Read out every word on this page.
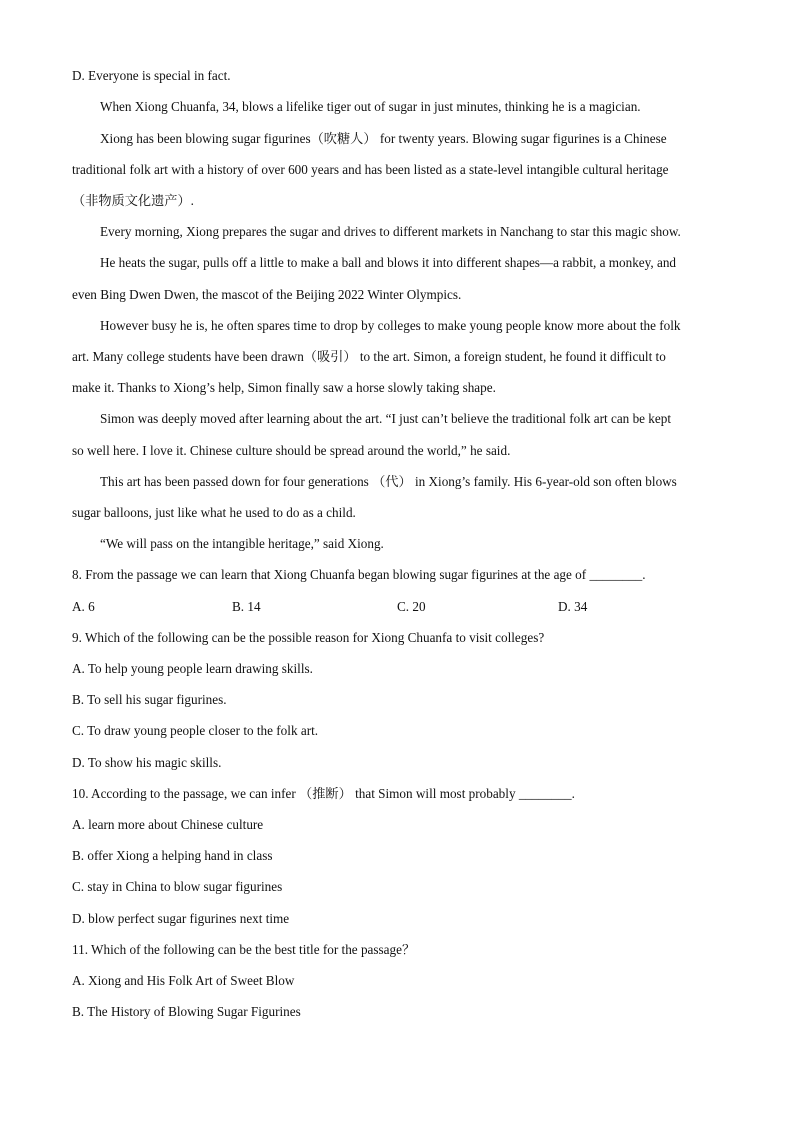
D. Everyone is special in fact.
When Xiong Chuanfa, 34, blows a lifelike tiger out of sugar in just minutes, thinking he is a magician.
Xiong has been blowing sugar figurines（吹糖人） for twenty years. Blowing sugar figurines is a Chinese
traditional folk art with a history of over 600 years and has been listed as a state-level intangible cultural heritage
（非物质文化遗产）.
Every morning, Xiong prepares the sugar and drives to different markets in Nanchang to star this magic show.
He heats the sugar, pulls off a little to make a ball and blows it into different shapes—a rabbit, a monkey, and
even Bing Dwen Dwen, the mascot of the Beijing 2022 Winter Olympics.
However busy he is, he often spares time to drop by colleges to make young people know more about the folk
art. Many college students have been drawn（吸引） to the art. Simon, a foreign student, he found it difficult to
make it. Thanks to Xiong’s help, Simon finally saw a horse slowly taking shape.
Simon was deeply moved after learning about the art. “I just can’t believe the traditional folk art can be kept
so well here. I love it. Chinese culture should be spread around the world,” he said.
This art has been passed down for four generations （代） in Xiong’s family. His 6-year-old son often blows
sugar balloons, just like what he used to do as a child.
“We will pass on the intangible heritage,” said Xiong.
8. From the passage we can learn that Xiong Chuanfa began blowing sugar figurines at the age of ________.
A. 6	B. 14	C. 20	D. 34
9. Which of the following can be the possible reason for Xiong Chuanfa to visit colleges?
A. To help young people learn drawing skills.
B. To sell his sugar figurines.
C. To draw young people closer to the folk art.
D. To show his magic skills.
10. According to the passage, we can infer （推断） that Simon will most probably ________.
A. learn more about Chinese culture
B. offer Xiong a helping hand in class
C. stay in China to blow sugar figurines
D. blow perfect sugar figurines next time
11. Which of the following can be the best title for the passage？
A. Xiong and His Folk Art of Sweet Blow
B. The History of Blowing Sugar Figurines
